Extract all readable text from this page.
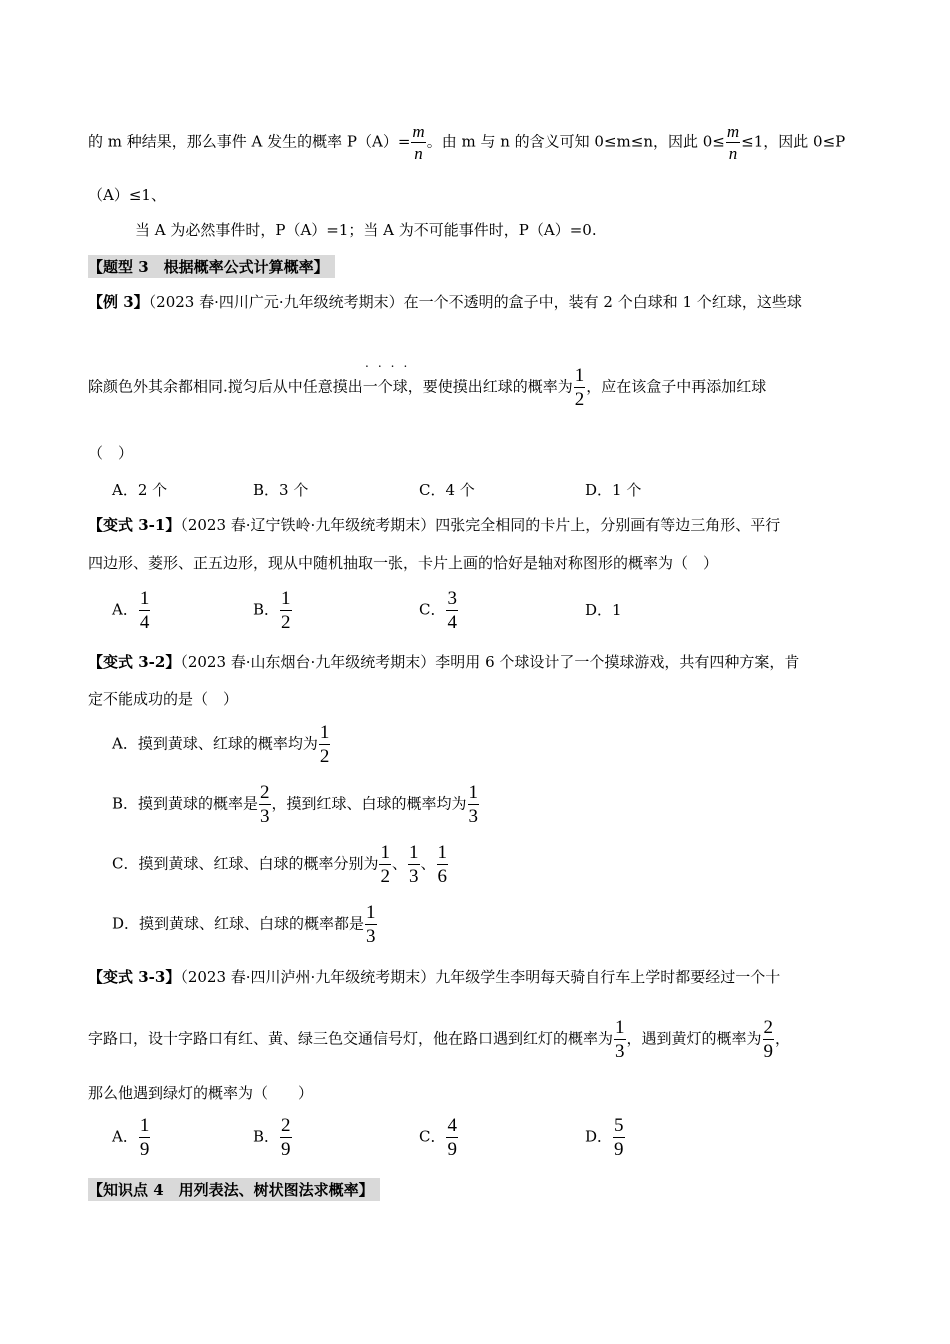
的 m 种结果，那么事件 A 发生的概率 $P(A)= \frac{m}{n}$ 。由 m 与 n 的含义可知 0≤m≤n，因此 $0\le \frac{m}{n} \le 1$，因此 0≤P
（A）≤1、
当 A 为必然事件时，P（A）=1；当 A 为不可能事件时，P（A）=0.
【题型 3　根据概率公式计算概率】
【例 3】（2023 春·四川广元·九年级统考期末）在一个不透明的盒子中，装有 2 个白球和 1 个红球，这些球
....
除颜色外其余都相同.搅匀后从中任意摸出一个球，要使摸出红球的概率为 $\frac{1}{2}$ ，应在该盒子中再添加红球
（　）
A．2 个	B．3 个	C．4 个	D．1 个
【变式 3-1】（2023 春·辽宁铁岭·九年级统考期末）四张完全相同的卡片上，分别画有等边三角形、平行
四边形、菱形、正五边形，现从中随机抽取一张，卡片上画的恰好是轴对称图形的概率为（　）
A． $\frac{1}{4}$	B． $\frac{1}{2}$	C． $\frac{3}{4}$	D．1
【变式 3-2】（2023 春·山东烟台·九年级统考期末）李明用 6 个球设计了一个摸球游戏，共有四种方案，肯
定不能成功的是（　）
A．摸到黄球、红球的概率均为 $\frac{1}{2}$
B．摸到黄球的概率是 $\frac{2}{3}$ ，摸到红球、白球的概率均为 $\frac{1}{3}$
C．摸到黄球、红球、白球的概率分别为 $\frac{1}{2}$ 、 $\frac{1}{3}$ 、 $\frac{1}{6}$
D．摸到黄球、红球、白球的概率都是 $\frac{1}{3}$
【变式 3-3】（2023 春·四川泸州·九年级统考期末）九年级学生李明每天骑自行车上学时都要经过一个十
字路口，设十字路口有红、黄、绿三色交通信号灯，他在路口遇到红灯的概率为 $\frac{1}{3}$ ，遇到黄灯的概率为 $\frac{2}{9}$ ，
那么他遇到绿灯的概率为（　　）
A． $\frac{1}{9}$	B． $\frac{2}{9}$	C． $\frac{4}{9}$	D． $\frac{5}{9}$
【知识点 4　用列表法、树状图法求概率】
